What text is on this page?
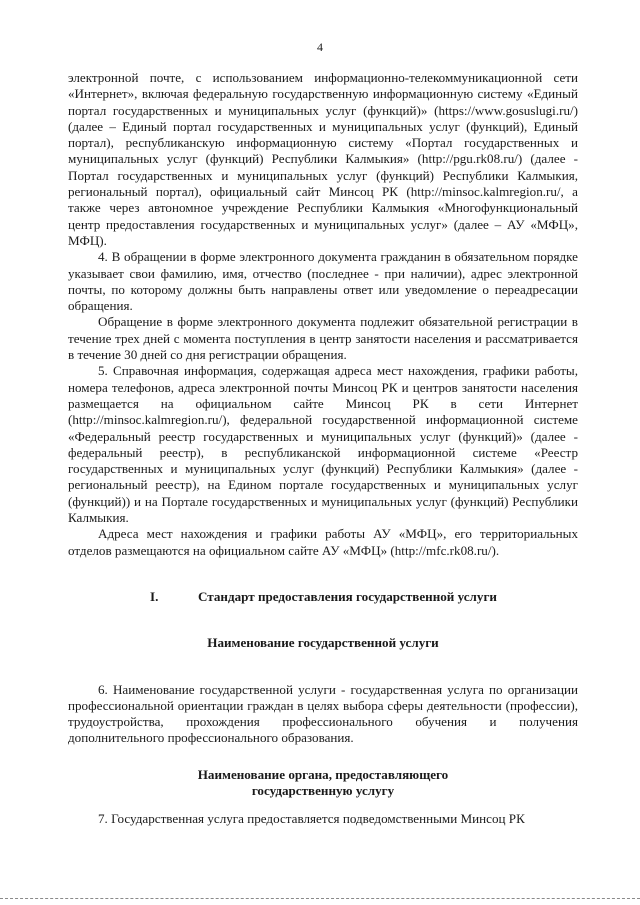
4

электронной почте, с использованием информационно-телекоммуникационной сети «Интернет», включая федеральную государственную информационную систему «Единый портал государственных и муниципальных услуг (функций)» (https://www.gosuslugi.ru/) (далее – Единый портал государственных и муниципальных услуг (функций), Единый портал), республиканскую информационную систему «Портал государственных и муниципальных услуг (функций) Республики Калмыкия» (http://pgu.rk08.ru/) (далее - Портал государственных и муниципальных услуг (функций) Республики Калмыкия, региональный портал), официальный сайт Минсоц РК (http://minsoc.kalmregion.ru/, а также через автономное учреждение Республики Калмыкия «Многофункциональный центр предоставления государственных и муниципальных услуг» (далее – АУ «МФЦ», МФЦ).

4. В обращении в форме электронного документа гражданин в обязательном порядке указывает свои фамилию, имя, отчество (последнее - при наличии), адрес электронной почты, по которому должны быть направлены ответ или уведомление о переадресации обращения.

Обращение в форме электронного документа подлежит обязательной регистрации в течение трех дней с момента поступления в центр занятости населения и рассматривается в течение 30 дней со дня регистрации обращения.

5. Справочная информация, содержащая адреса мест нахождения, графики работы, номера телефонов, адреса электронной почты Минсоц РК и центров занятости населения размещается на официальном сайте Минсоц РК в сети Интернет (http://minsoc.kalmregion.ru/), федеральной государственной информационной системе «Федеральный реестр государственных и муниципальных услуг (функций)» (далее - федеральный реестр), в республиканской информационной системе «Реестр государственных и муниципальных услуг (функций) Республики Калмыкия» (далее - региональный реестр), на Едином портале государственных и муниципальных услуг (функций)) и на Портале государственных и муниципальных услуг (функций) Республики Калмыкия.

Адреса мест нахождения и графики работы АУ «МФЦ», его территориальных отделов размещаются на официальном сайте АУ «МФЦ» (http://mfc.rk08.ru/).

I.	Стандарт предоставления государственной услуги
Наименование государственной услуги

6. Наименование государственной услуги - государственная услуга по организации профессиональной ориентации граждан в целях выбора сферы деятельности (профессии), трудоустройства, прохождения профессионального обучения и получения дополнительного профессионального образования.

Наименование органа, предоставляющего
государственную услугу

7. Государственная услуга предоставляется подведомственными Минсоц РК
